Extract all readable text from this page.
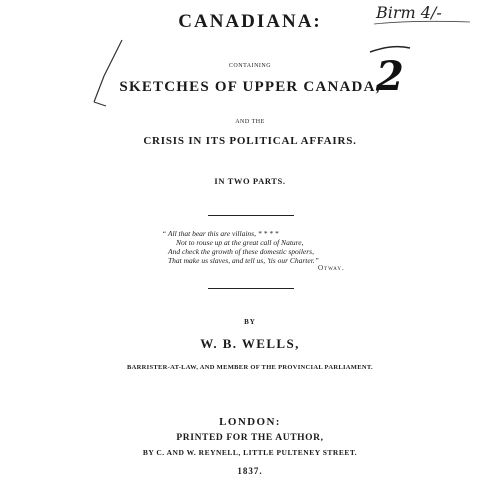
Birm 4/-
2
CANADIANA:
CONTAINING
SKETCHES OF UPPER CANADA,
AND THE
CRISIS IN ITS POLITICAL AFFAIRS.
IN TWO PARTS.
“ All that bear this are villains, * * * *
Not to rouse up at the great call of Nature,
And check the growth of these domestic spoilers,
That make us slaves, and tell us, ’tis our Charter.”
Otway.
BY
W. B. WELLS,
BARRISTER-AT-LAW, AND MEMBER OF THE PROVINCIAL PARLIAMENT.
LONDON:
PRINTED FOR THE AUTHOR,
BY C. AND W. REYNELL, LITTLE PULTENEY STREET.
1837.
